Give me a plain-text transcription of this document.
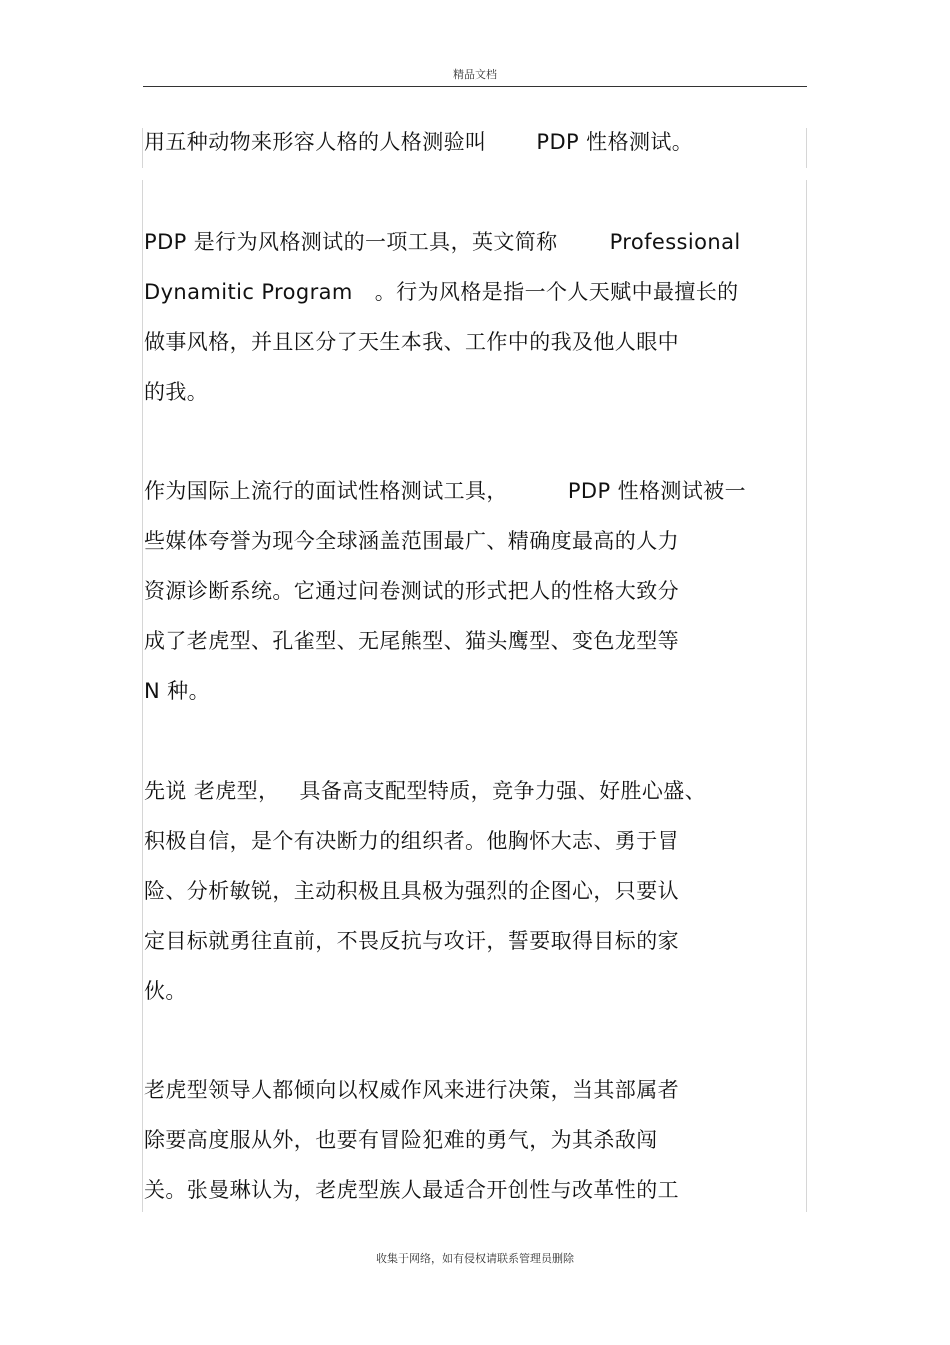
精品文档
用五种动物来形容人格的人格测验叫 PDP 性格测试。
PDP 是行为风格测试的一项工具，英文简称 Professional
Dynamitic Program 。行为风格是指一个人天赋中最擅长的
做事风格，并且区分了天生本我、工作中的我及他人眼中
的我。
作为国际上流行的面试性格测试工具，	PDP 性格测试被一
些媒体夸誉为现今全球涵盖范围最广、精确度最高的人力
资源诊断系统。它通过问卷测试的形式把人的性格大致分
成了老虎型、孔雀型、无尾熊型、猫头鹰型、变色龙型等
N 种。
先说 老虎型， 具备高支配型特质，竞争力强、好胜心盛、
积极自信，是个有决断力的组织者。他胸怀大志、勇于冒
险、分析敏锐，主动积极且具极为强烈的企图心，只要认
定目标就勇往直前，不畏反抗与攻讦，誓要取得目标的家
伙。
老虎型领导人都倾向以权威作风来进行决策，当其部属者
除要高度服从外，也要有冒险犯难的勇气，为其杀敌闯
关。张曼琳认为，老虎型族人最适合开创性与改革性的工
收集于网络，如有侵权请联系管理员删除
